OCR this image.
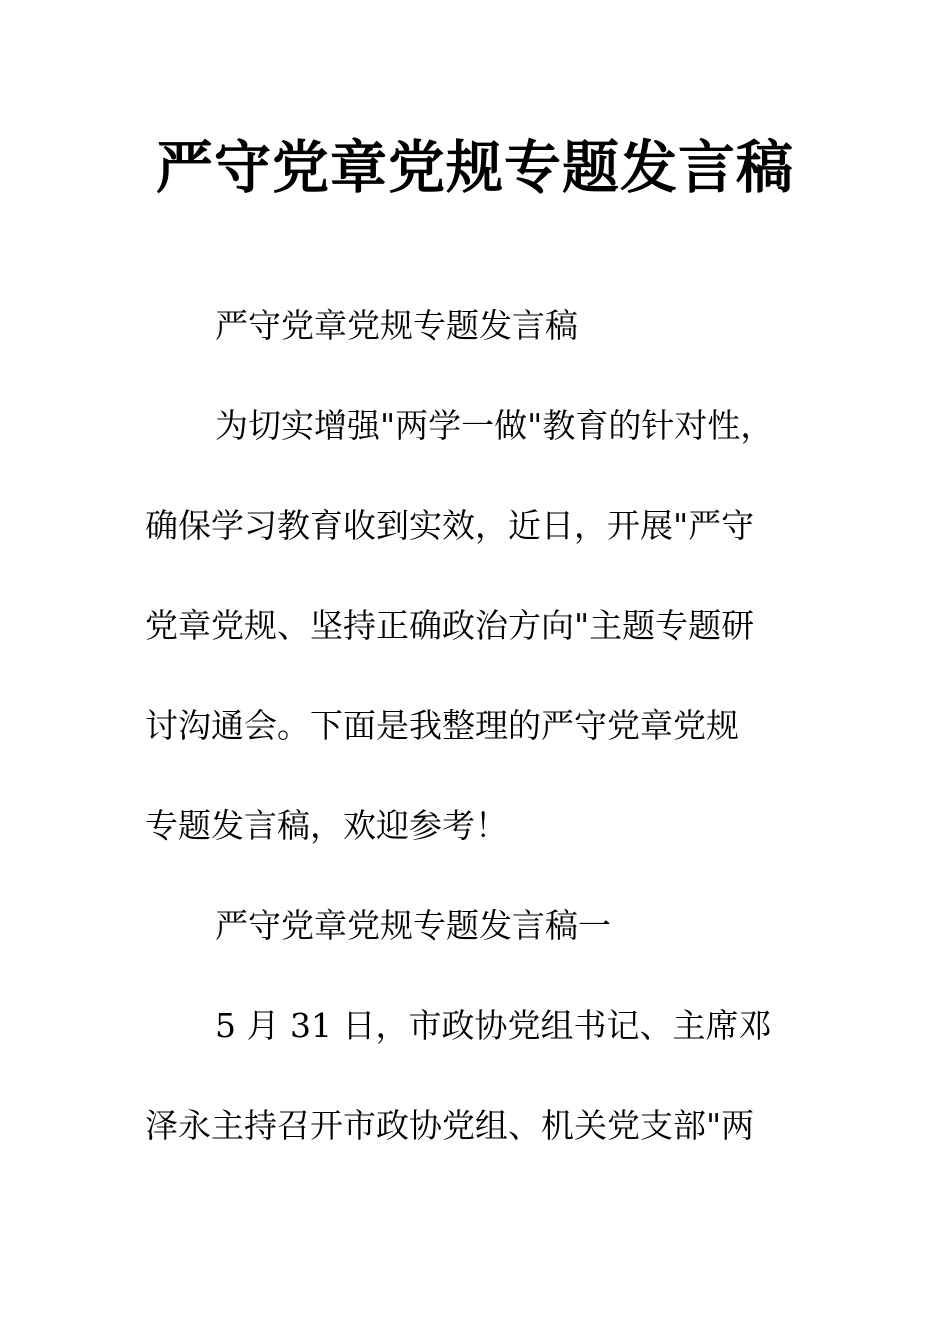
严守党章党规专题发言稿
严守党章党规专题发言稿
为切实增强"两学一做"教育的针对性，
确保学习教育收到实效，近日，开展"严守
党章党规、坚持正确政治方向"主题专题研
讨沟通会。下面是我整理的严守党章党规
专题发言稿，欢迎参考！
严守党章党规专题发言稿一
5 月 31 日，市政协党组书记、主席邓
泽永主持召开市政协党组、机关党支部"两
